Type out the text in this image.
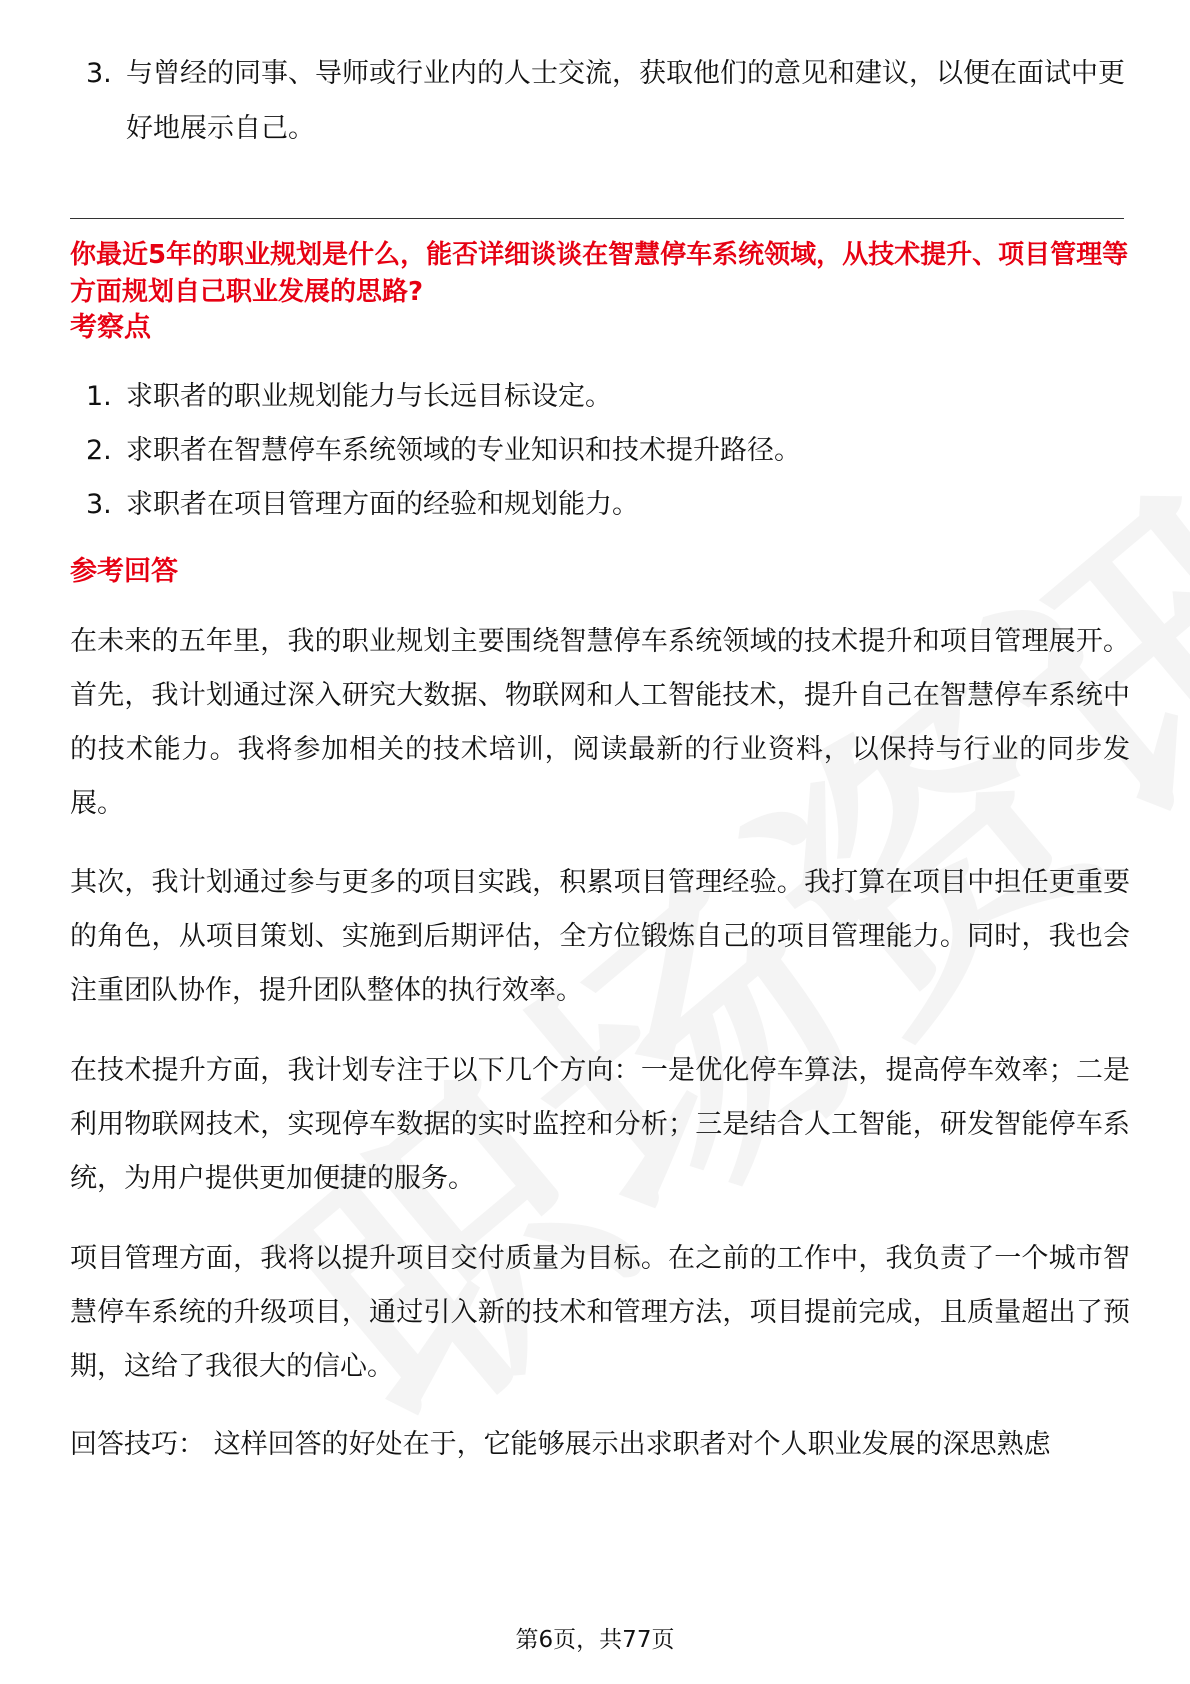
3. 与曾经的同事、导师或行业内的人士交流，获取他们的意见和建议，以便在面试中更好地展示自己。
你最近5年的职业规划是什么，能否详细谈谈在智慧停车系统领域，从技术提升、项目管理等方面规划自己职业发展的思路?
考察点
1. 求职者的职业规划能力与长远目标设定。
2. 求职者在智慧停车系统领域的专业知识和技术提升路径。
3. 求职者在项目管理方面的经验和规划能力。
参考回答

在未来的五年里，我的职业规划主要围绕智慧停车系统领域的技术提升和项目管理展开。首先，我计划通过深入研究大数据、物联网和人工智能技术，提升自己在智慧停车系统中的技术能力。我将参加相关的技术培训，阅读最新的行业资料，以保持与行业的同步发展。

其次，我计划通过参与更多的项目实践，积累项目管理经验。我打算在项目中担任更重要的角色，从项目策划、实施到后期评估，全方位锻炼自己的项目管理能力。同时，我也会注重团队协作，提升团队整体的执行效率。

在技术提升方面，我计划专注于以下几个方向：一是优化停车算法，提高停车效率；二是利用物联网技术，实现停车数据的实时监控和分析；三是结合人工智能，研发智能停车系统，为用户提供更加便捷的服务。

项目管理方面，我将以提升项目交付质量为目标。在之前的工作中，我负责了一个城市智慧停车系统的升级项目，通过引入新的技术和管理方法，项目提前完成，且质量超出了预期，这给了我很大的信心。

回答技巧： 这样回答的好处在于，它能够展示出求职者对个人职业发展的深思熟虑

第6页，共77页
